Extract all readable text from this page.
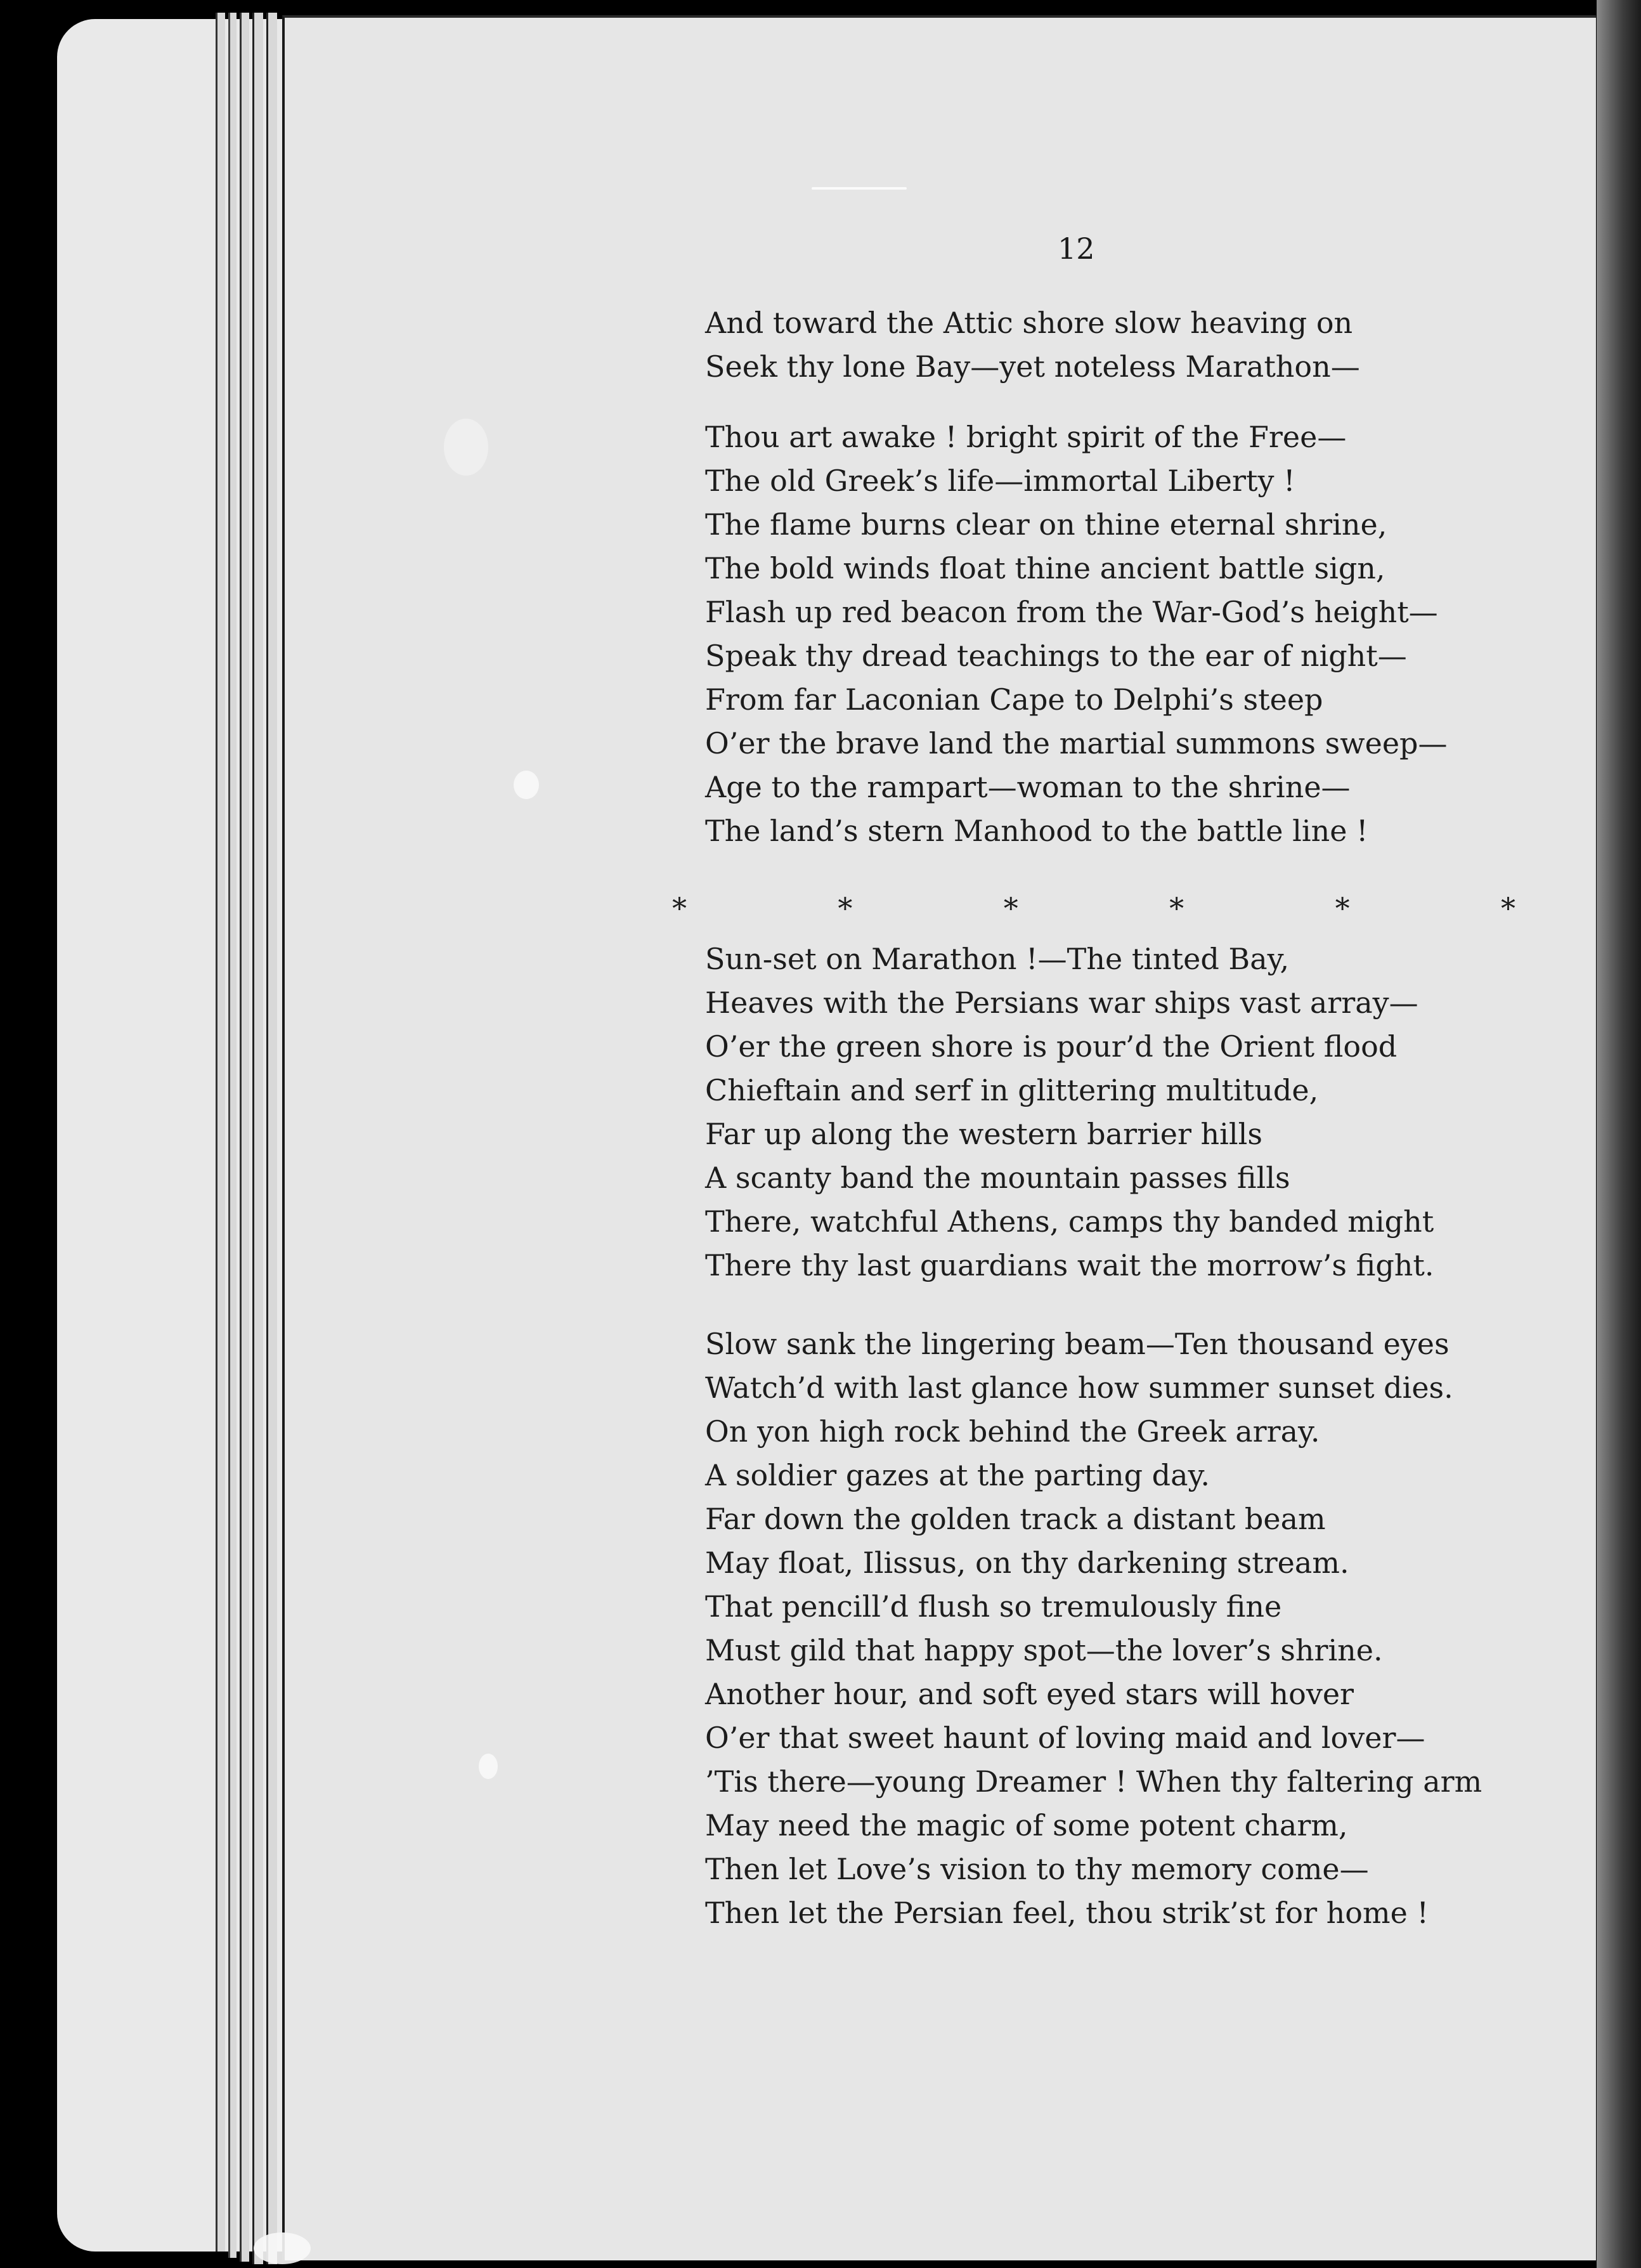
12
And toward the Attic shore slow heaving on
Seek thy lone Bay—yet noteless Marathon—
Thou art awake ! bright spirit of the Free—
The old Greek’s life—immortal Liberty !
The flame burns clear on thine eternal shrine,
The bold winds float thine ancient battle sign,
Flash up red beacon from the War-God’s height—
Speak thy dread teachings to the ear of night—
From far Laconian Cape to Delphi’s steep
O’er the brave land the martial summons sweep—
Age to the rampart—woman to the shrine—
The land’s stern Manhood to the battle line !
*	*	*	*	*	*
Sun-set on Marathon !—The tinted Bay,
Heaves with the Persians war ships vast array—
O’er the green shore is pour’d the Orient flood
Chieftain and serf in glittering multitude,
Far up along the western barrier hills
A scanty band the mountain passes fills
There, watchful Athens, camps thy banded might
There thy last guardians wait the morrow’s fight.
Slow sank the lingering beam—Ten thousand eyes
Watch’d with last glance how summer sunset dies.
On yon high rock behind the Greek array.
A soldier gazes at the parting day.
Far down the golden track a distant beam
May float, Ilissus, on thy darkening stream.
That pencill’d flush so tremulously fine
Must gild that happy spot—the lover’s shrine.
Another hour, and soft eyed stars will hover
O’er that sweet haunt of loving maid and lover—
’Tis there—young Dreamer ! When thy faltering arm
May need the magic of some potent charm,
Then let Love’s vision to thy memory come—
Then let the Persian feel, thou strik’st for home !
